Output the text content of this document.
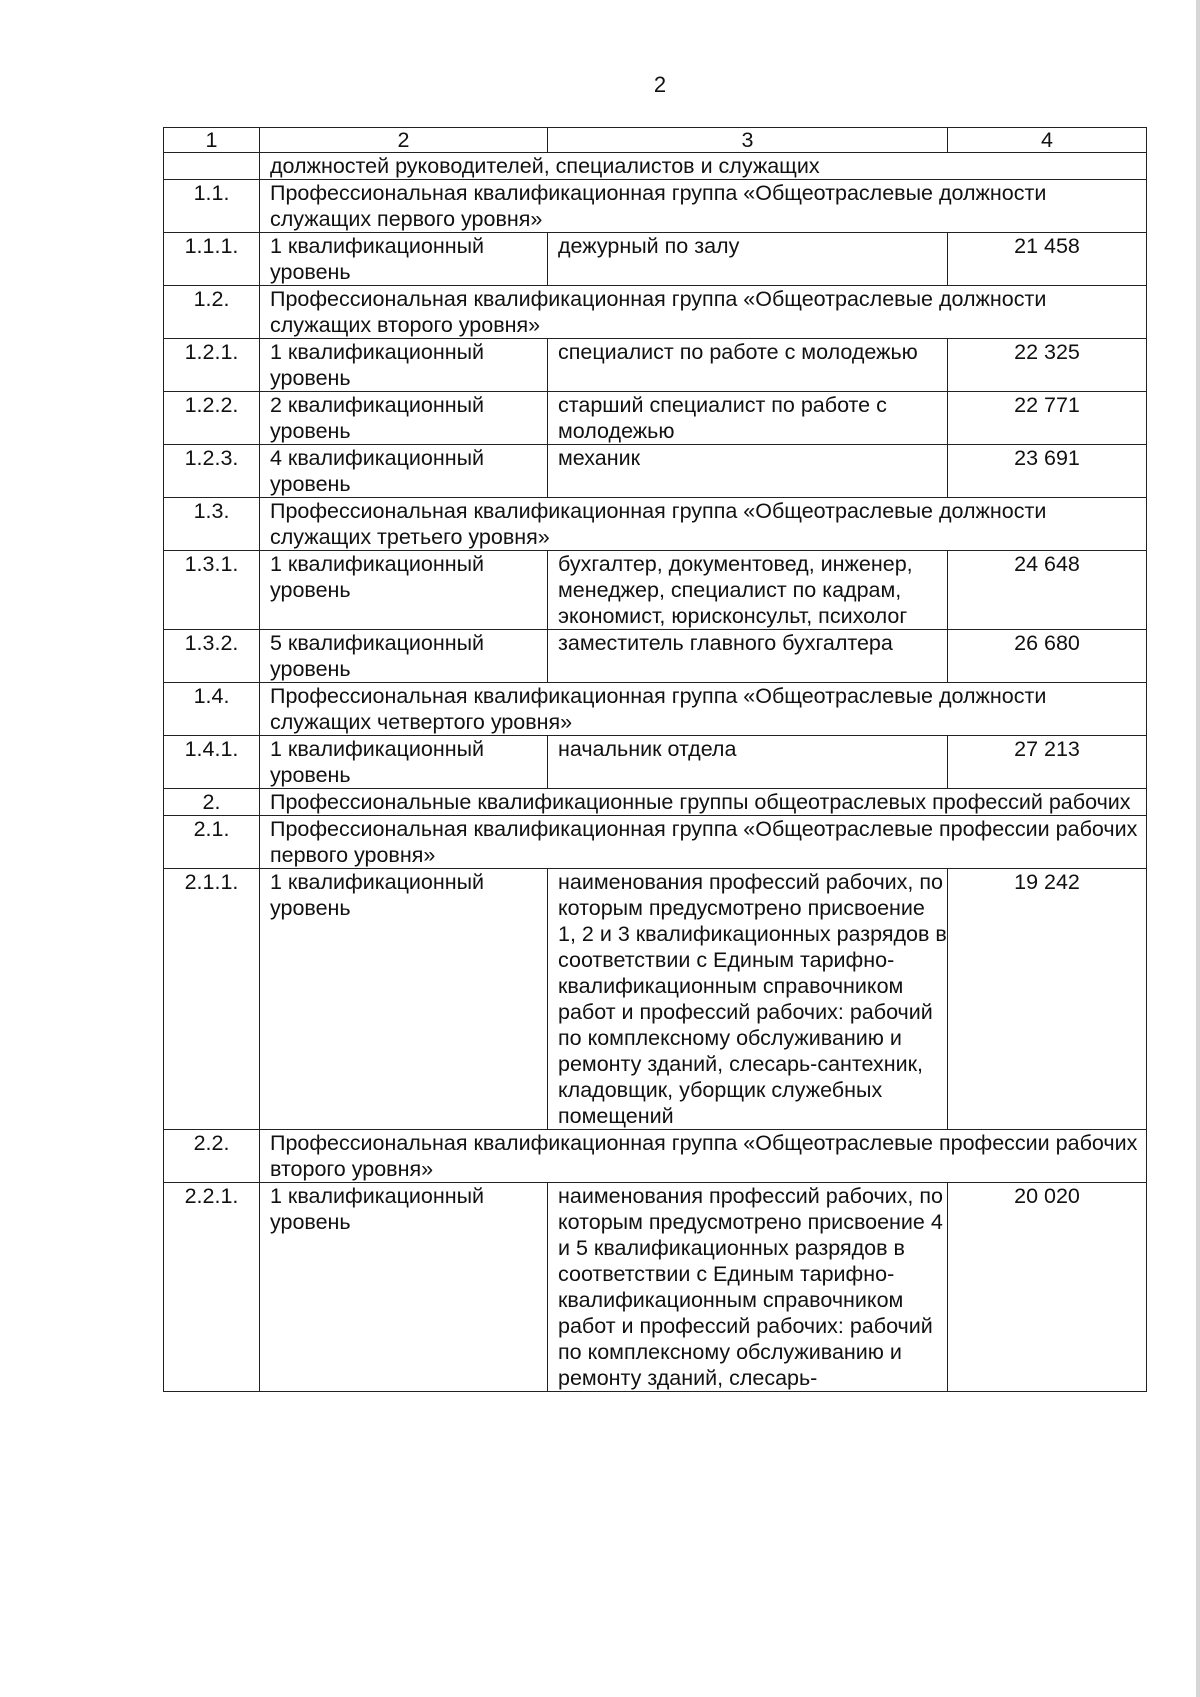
2
1	2	3	4
	должностей руководителей, специалистов и служащих		
1.1.	Профессиональная квалификационная группа «Общеотраслевые должности служащих первого уровня»		
1.1.1.	1 квалификационный уровень	дежурный по залу	21 458
1.2.	Профессиональная квалификационная группа «Общеотраслевые должности служащих второго уровня»		
1.2.1.	1 квалификационный уровень	специалист по работе с молодежью	22 325
1.2.2.	2 квалификационный уровень	старший специалист по работе с молодежью	22 771
1.2.3.	4 квалификационный уровень	механик	23 691
1.3.	Профессиональная квалификационная группа «Общеотраслевые должности служащих третьего уровня»		
1.3.1.	1 квалификационный уровень	бухгалтер, документовед, инженер, менеджер, специалист по кадрам, экономист, юрисконсульт, психолог	24 648
1.3.2.	5 квалификационный уровень	заместитель главного бухгалтера	26 680
1.4.	Профессиональная квалификационная группа «Общеотраслевые должности служащих четвертого уровня»		
1.4.1.	1 квалификационный уровень	начальник отдела	27 213
2.	Профессиональные квалификационные группы общеотраслевых профессий рабочих		
2.1.	Профессиональная квалификационная группа «Общеотраслевые профессии рабочих первого уровня»		
2.1.1.	1 квалификационный уровень	наименования профессий рабочих, по которым предусмотрено присвоение 1, 2 и 3 квалификационных разрядов в соответствии с Единым тарифно-квалификационным справочником работ и профессий рабочих: рабочий по комплексному обслуживанию и ремонту зданий, слесарь-сантехник, кладовщик, уборщик служебных помещений	19 242
2.2.	Профессиональная квалификационная группа «Общеотраслевые профессии рабочих второго уровня»		
2.2.1.	1 квалификационный уровень	наименования профессий рабочих, по которым предусмотрено присвоение 4 и 5 квалификационных разрядов в соответствии с Единым тарифно-квалификационным справочником работ и профессий рабочих: рабочий по комплексному обслуживанию и ремонту зданий, слесарь-	20 020
